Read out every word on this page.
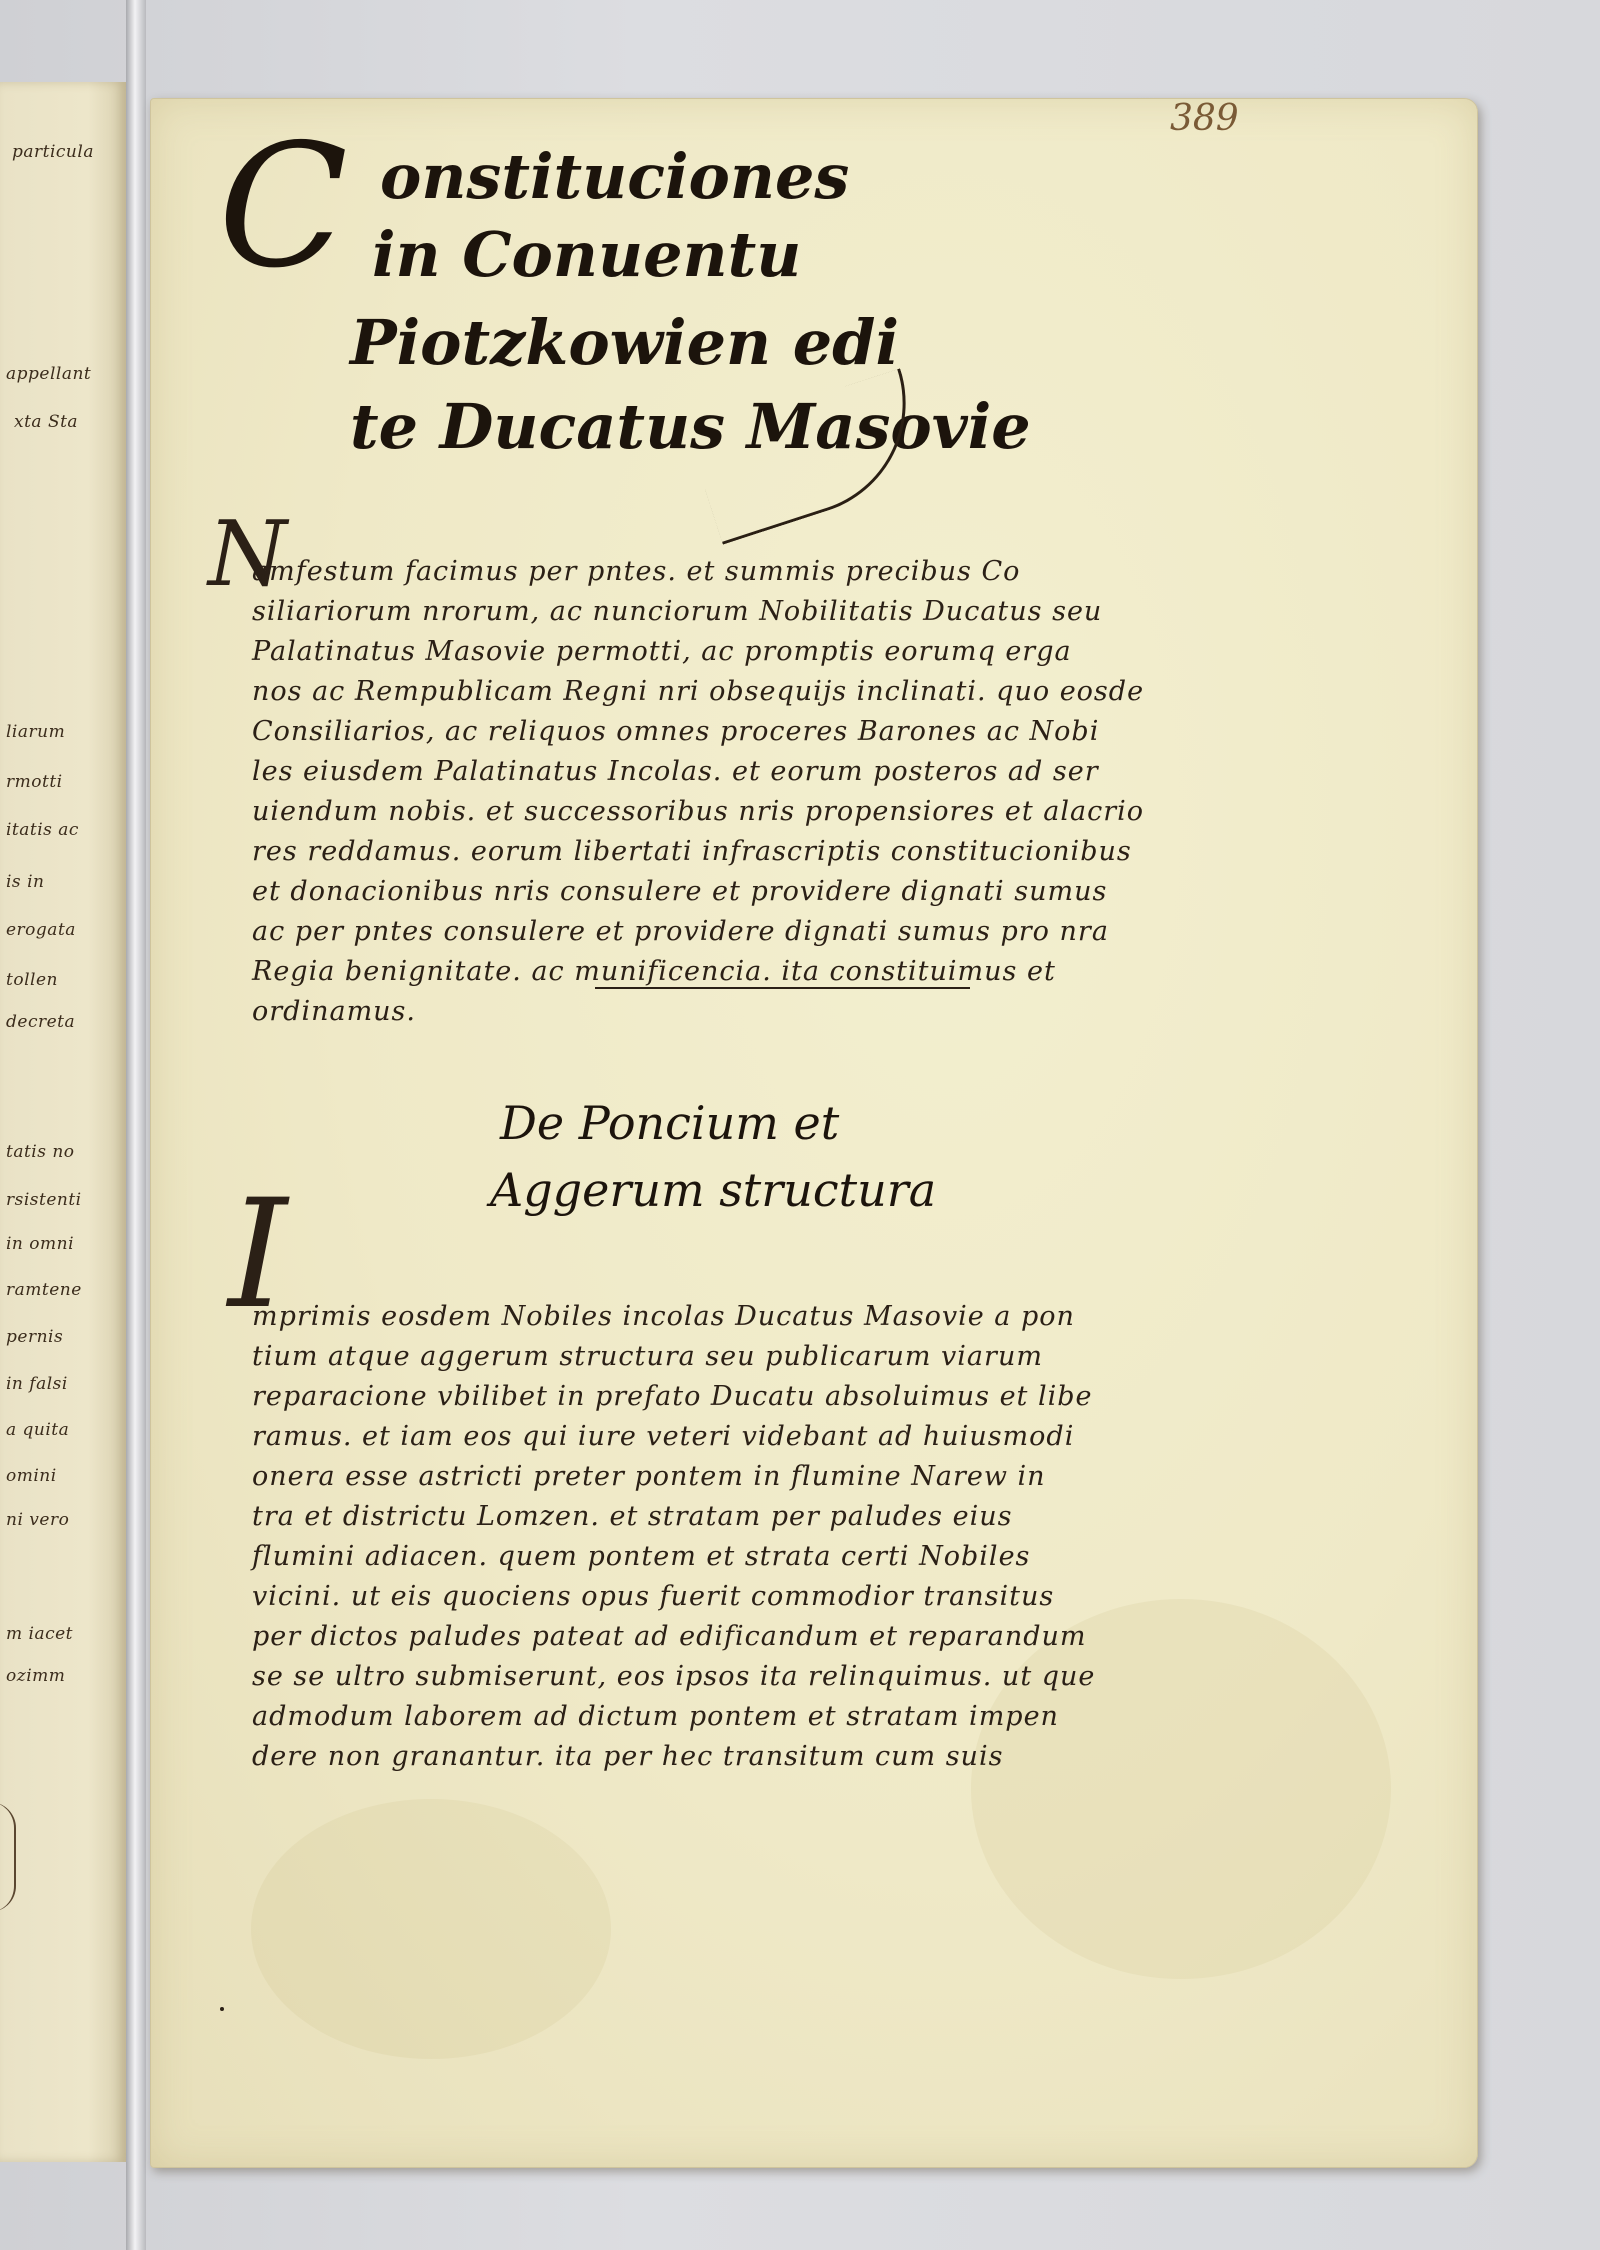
particula
appellant
xta Sta
liarum
rmotti
itatis ac
is in
erogata
tollen
decreta
tatis no
rsistenti
in omni
ramtene
pernis
in falsi
a quita
omini
ni vero
m iacet
ozimm
389
C onstituciones
in Conuentu
Piotzkowien edi
te Ducatus Masovie
N
amfestum facimus per pntes. et summis precibus Co
siliariorum nrorum, ac nunciorum Nobilitatis Ducatus seu
Palatinatus Masovie permotti, ac promptis eorumq erga
nos ac Rempublicam Regni nri obsequijs inclinati. quo eosde
Consiliarios, ac reliquos omnes proceres Barones ac Nobi
les eiusdem Palatinatus Incolas. et eorum posteros ad ser
uiendum nobis. et successoribus nris propensiores et alacrio
res reddamus. eorum libertati infrascriptis constitucionibus
et donacionibus nris consulere et providere dignati sumus
ac per pntes consulere et providere dignati sumus pro nra
Regia benignitate. ac munificencia. ita constituimus et
ordinamus.
De Poncium et
Aggerum structura
I
mprimis eosdem Nobiles incolas Ducatus Masovie a pon
tium atque aggerum structura seu publicarum viarum
reparacione vbilibet in prefato Ducatu absoluimus et libe
ramus. et iam eos qui iure veteri videbant ad huiusmodi
onera esse astricti preter pontem in flumine Narew in
tra et districtu Lomzen. et stratam per paludes eius
flumini adiacen. quem pontem et strata certi Nobiles
vicini. ut eis quociens opus fuerit commodior transitus
per dictos paludes pateat ad edificandum et reparandum
se se ultro submiserunt, eos ipsos ita relinquimus. ut que
admodum laborem ad dictum pontem et stratam impen
dere non granantur. ita per hec transitum cum suis
